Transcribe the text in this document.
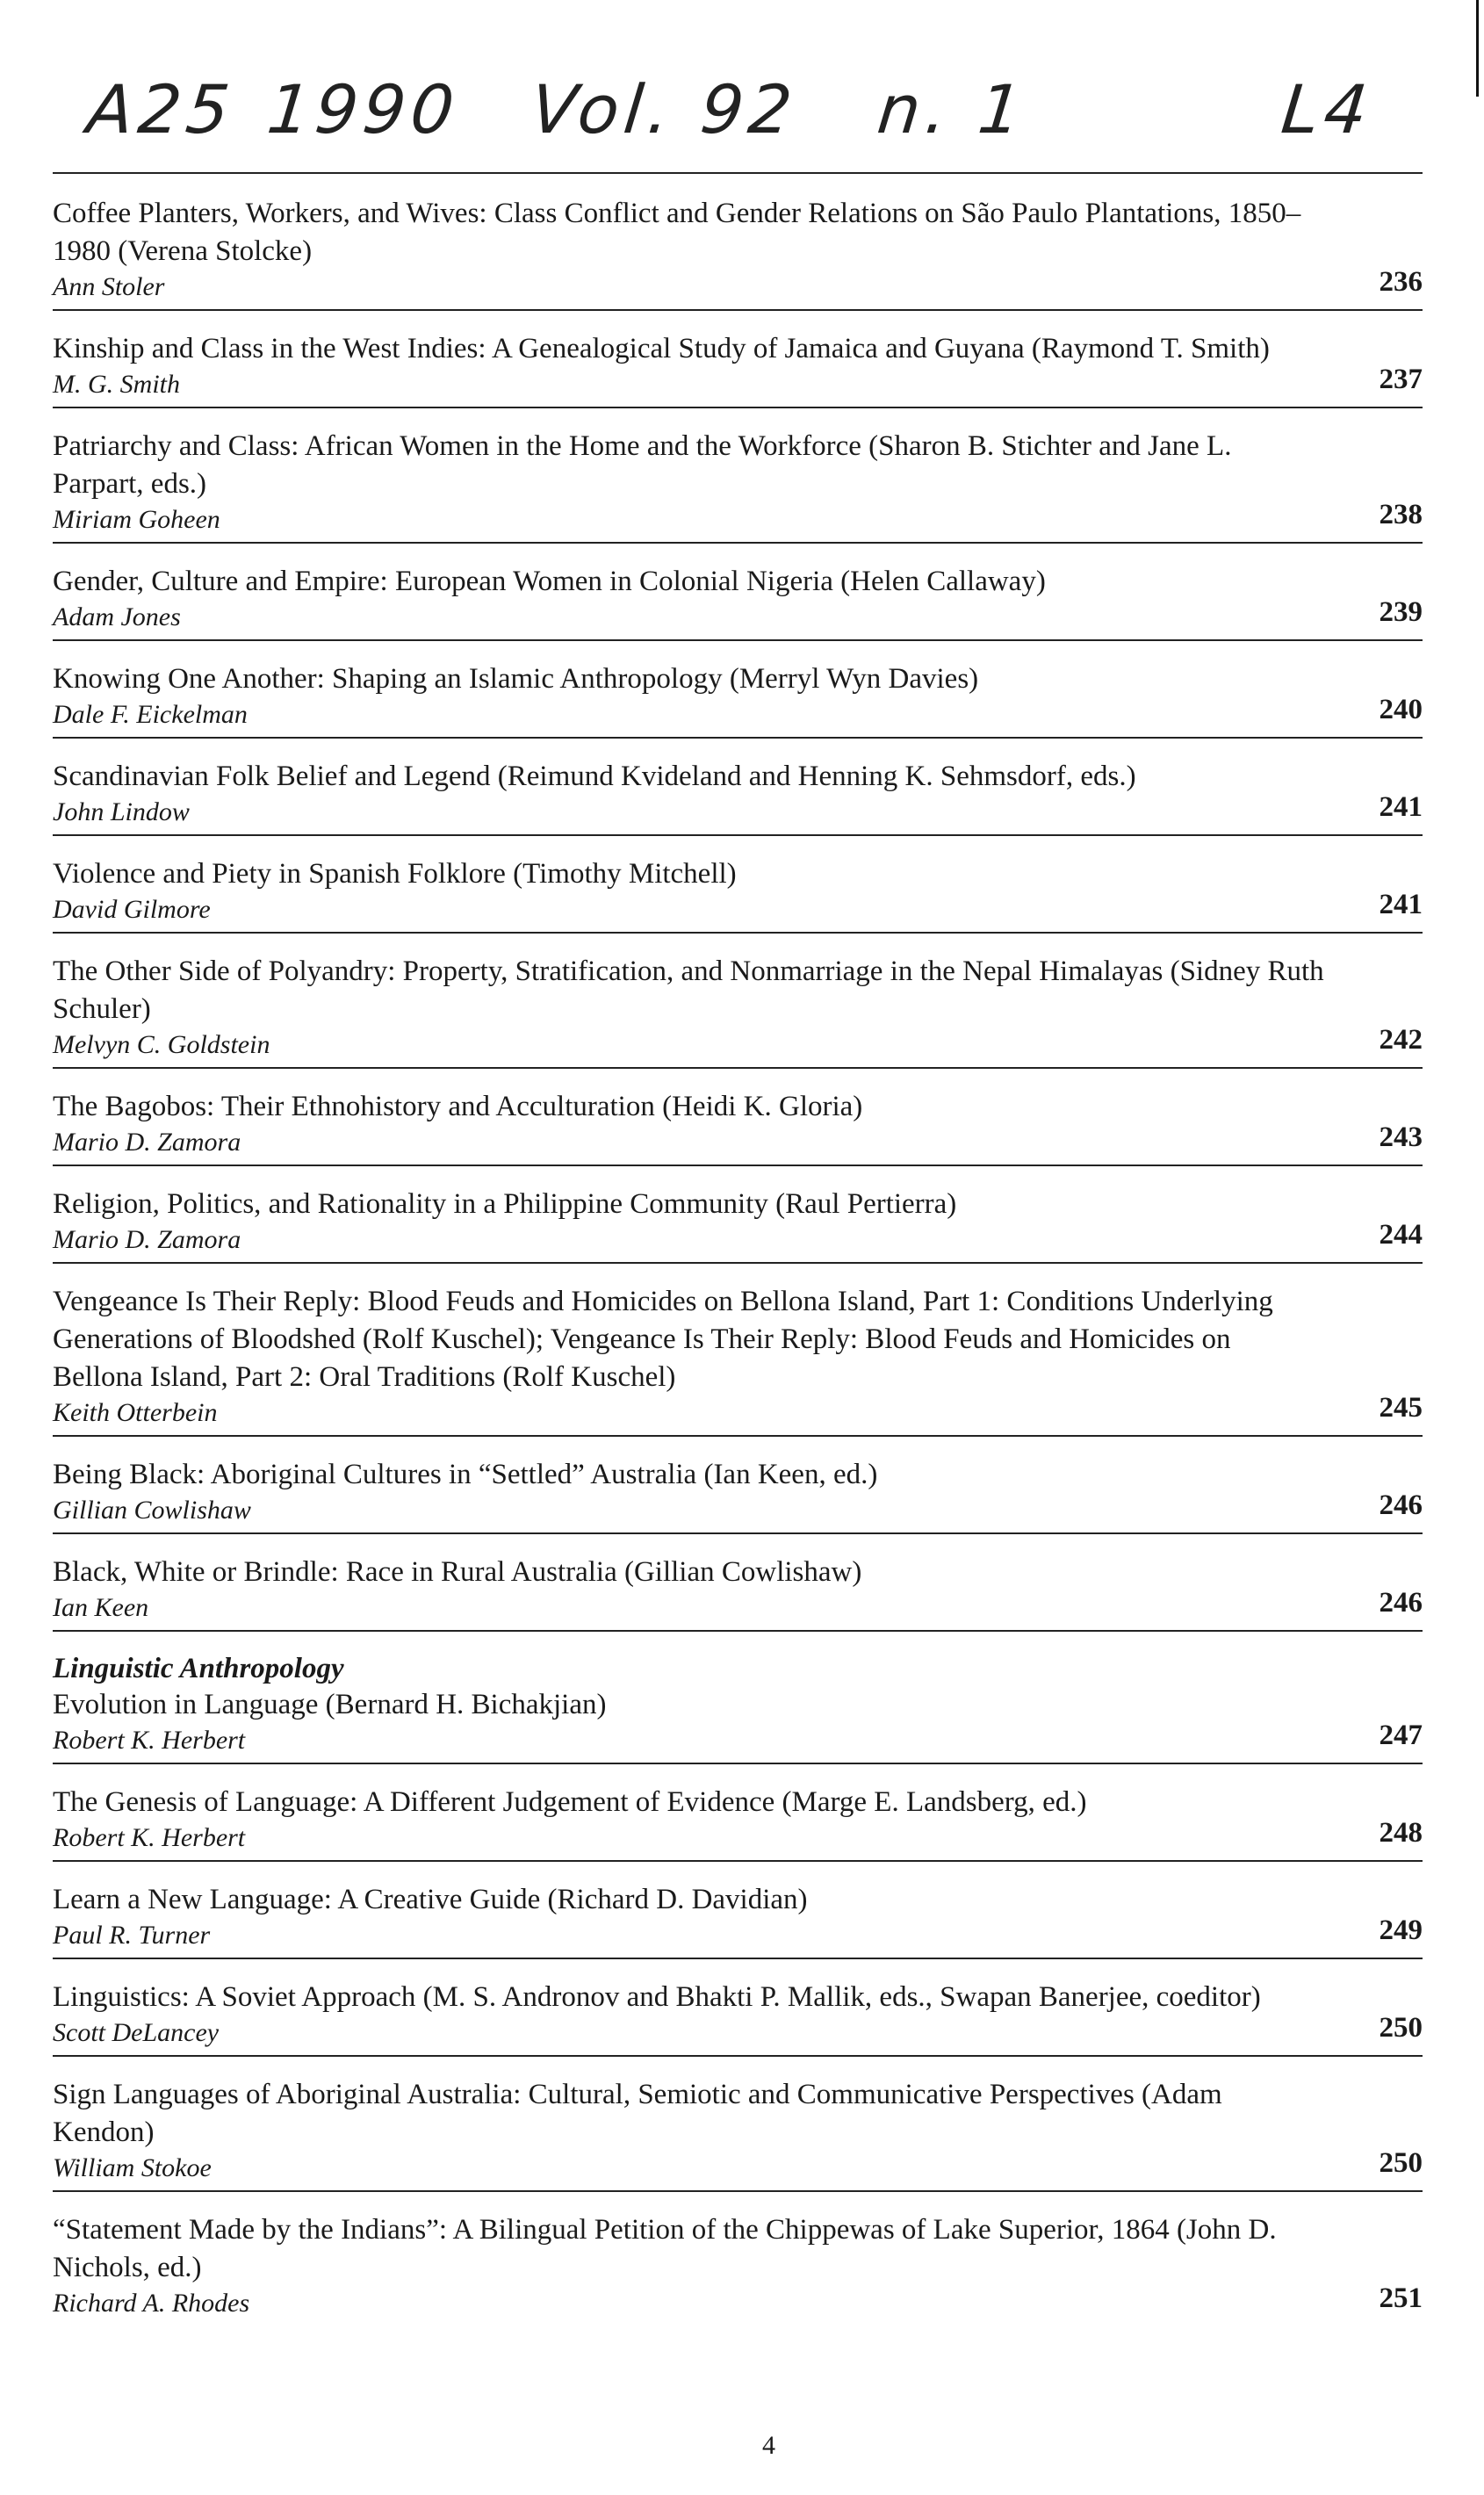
A25 1990 Vol. 92 n. 1	L4
Coffee Planters, Workers, and Wives: Class Conflict and Gender Relations on São Paulo Plantations, 1850–1980 (Verena Stolcke)
Ann Stoler	236
Kinship and Class in the West Indies: A Genealogical Study of Jamaica and Guyana (Raymond T. Smith)
M. G. Smith	237
Patriarchy and Class: African Women in the Home and the Workforce (Sharon B. Stichter and Jane L. Parpart, eds.)
Miriam Goheen	238
Gender, Culture and Empire: European Women in Colonial Nigeria (Helen Callaway)
Adam Jones	239
Knowing One Another: Shaping an Islamic Anthropology (Merryl Wyn Davies)
Dale F. Eickelman	240
Scandinavian Folk Belief and Legend (Reimund Kvideland and Henning K. Sehmsdorf, eds.)
John Lindow	241
Violence and Piety in Spanish Folklore (Timothy Mitchell)
David Gilmore	241
The Other Side of Polyandry: Property, Stratification, and Nonmarriage in the Nepal Himalayas (Sidney Ruth Schuler)
Melvyn C. Goldstein	242
The Bagobos: Their Ethnohistory and Acculturation (Heidi K. Gloria)
Mario D. Zamora	243
Religion, Politics, and Rationality in a Philippine Community (Raul Pertierra)
Mario D. Zamora	244
Vengeance Is Their Reply: Blood Feuds and Homicides on Bellona Island, Part 1: Conditions Underlying Generations of Bloodshed (Rolf Kuschel); Vengeance Is Their Reply: Blood Feuds and Homicides on Bellona Island, Part 2: Oral Traditions (Rolf Kuschel)
Keith Otterbein	245
Being Black: Aboriginal Cultures in “Settled” Australia (Ian Keen, ed.)
Gillian Cowlishaw	246
Black, White or Brindle: Race in Rural Australia (Gillian Cowlishaw)
Ian Keen	246
Linguistic Anthropology
Evolution in Language (Bernard H. Bichakjian)
Robert K. Herbert	247
The Genesis of Language: A Different Judgement of Evidence (Marge E. Landsberg, ed.)
Robert K. Herbert	248
Learn a New Language: A Creative Guide (Richard D. Davidian)
Paul R. Turner	249
Linguistics: A Soviet Approach (M. S. Andronov and Bhakti P. Mallik, eds., Swapan Banerjee, coeditor)
Scott DeLancey	250
Sign Languages of Aboriginal Australia: Cultural, Semiotic and Communicative Perspectives (Adam Kendon)
William Stokoe	250
“Statement Made by the Indians”: A Bilingual Petition of the Chippewas of Lake Superior, 1864 (John D. Nichols, ed.)
Richard A. Rhodes	251
4
